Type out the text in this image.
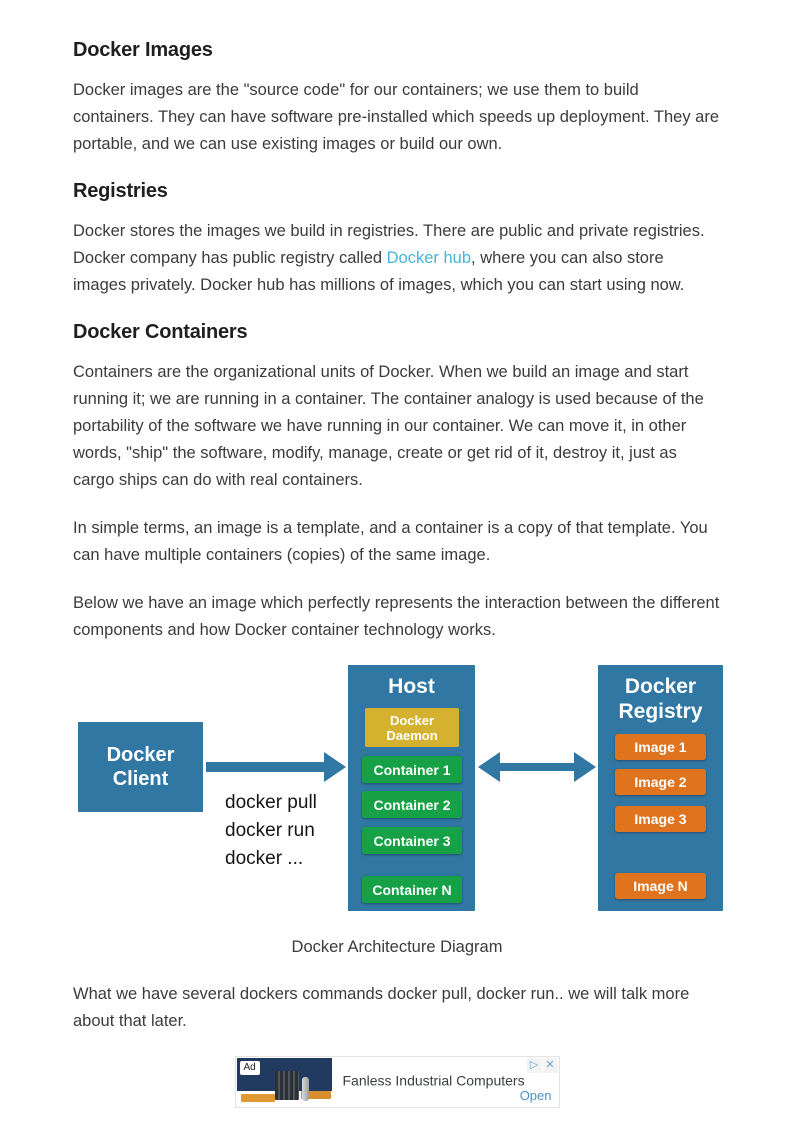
Docker Images

Docker images are the "source code" for our containers; we use them to build containers. They can have software pre-installed which speeds up deployment. They are portable, and we can use existing images or build our own.

Registries

Docker stores the images we build in registries. There are public and private registries. Docker company has public registry called Docker hub, where you can also store images privately. Docker hub has millions of images, which you can start using now.

Docker Containers

Containers are the organizational units of Docker. When we build an image and start running it; we are running in a container. The container analogy is used because of the portability of the software we have running in our container. We can move it, in other words, "ship" the software, modify, manage, create or get rid of it, destroy it, just as cargo ships can do with real containers.

In simple terms, an image is a template, and a container is a copy of that template. You can have multiple containers (copies) of the same image.

Below we have an image which perfectly represents the interaction between the different components and how Docker container technology works.

Docker Client
docker pull
docker run
docker ...
Host
Docker Daemon
Container 1
Container 2
Container 3
Container N
Docker Registry
Image 1
Image 2
Image 3
Image N
Docker Architecture Diagram

What we have several dockers commands docker pull, docker run.. we will talk more about that later.

Ad
Fanless Industrial Computers
▷ ✕
Open
